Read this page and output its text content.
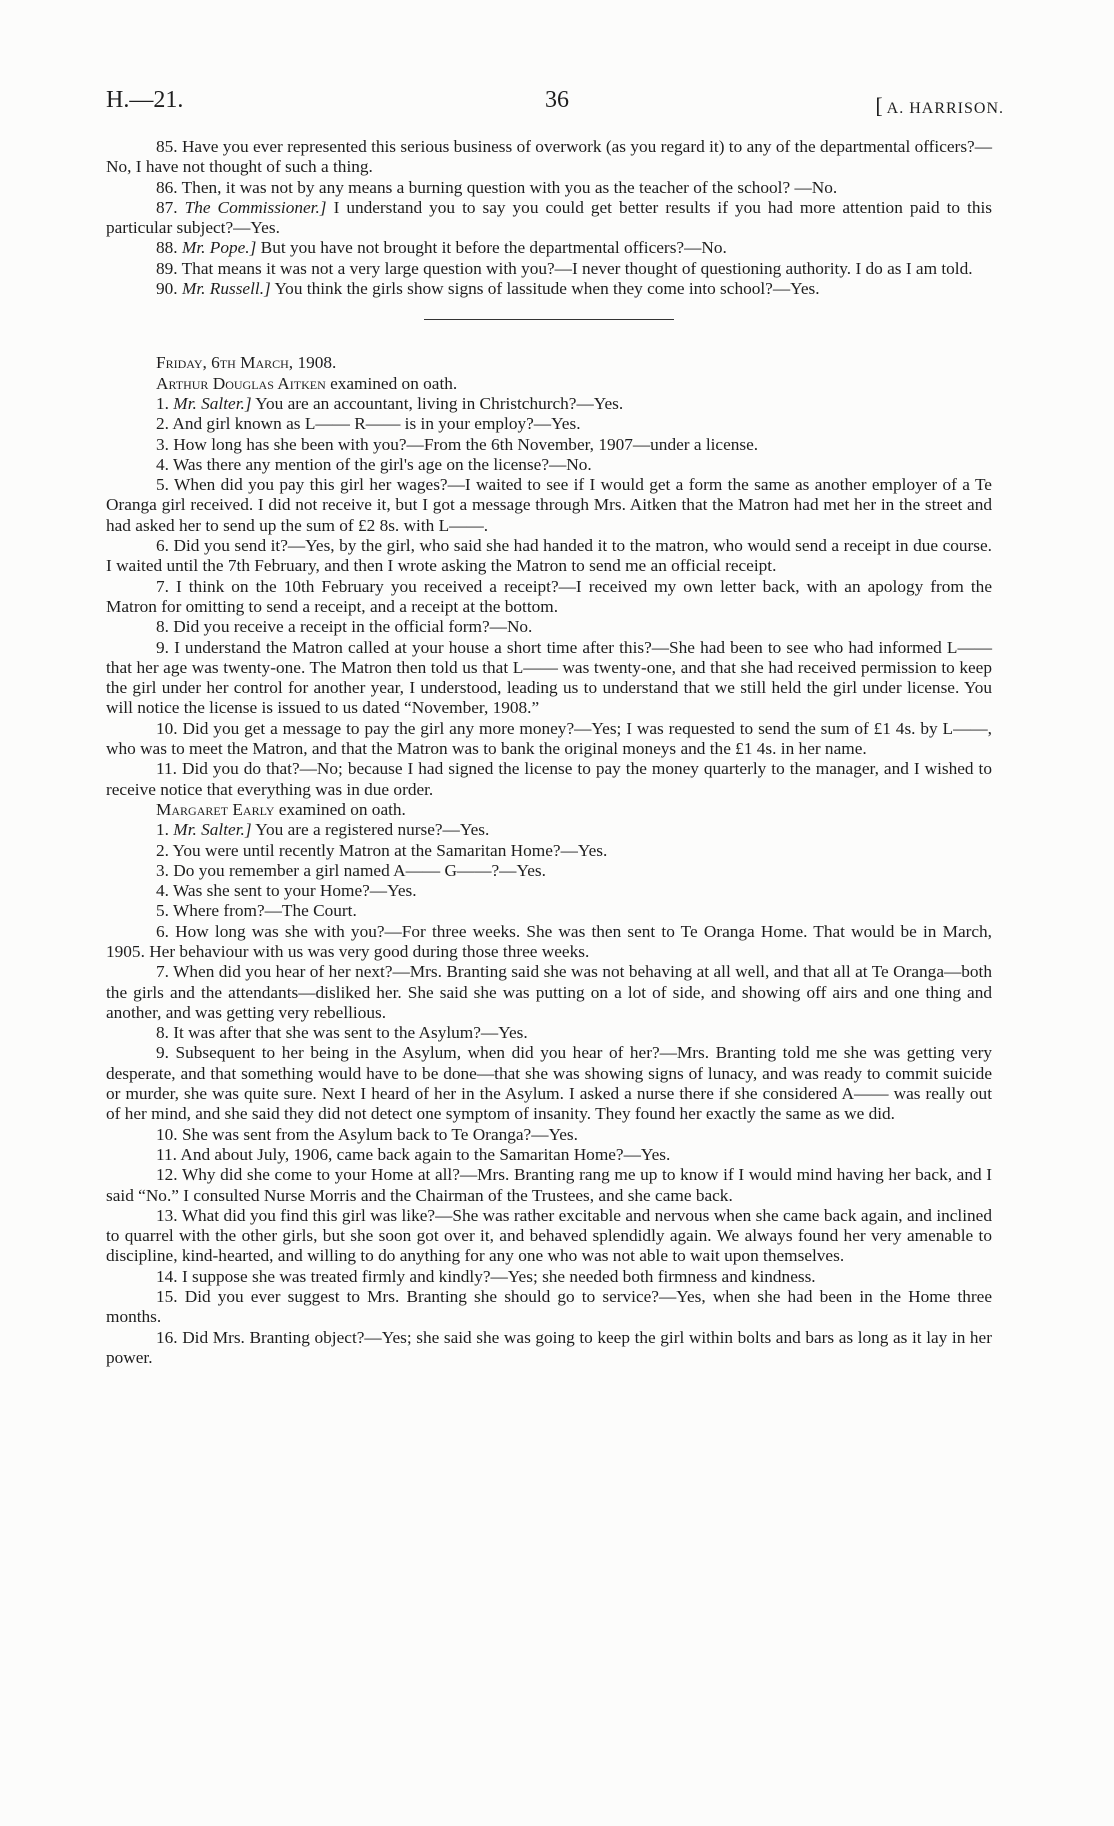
H.—21.	36	[ A. HARRISON.

85. Have you ever represented this serious business of overwork (as you regard it) to any of the departmental officers?—No, I have not thought of such a thing.

86. Then, it was not by any means a burning question with you as the teacher of the school? —No.

87. The Commissioner.] I understand you to say you could get better results if you had more attention paid to this particular subject?—Yes.

88. Mr. Pope.] But you have not brought it before the departmental officers?—No.

89. That means it was not a very large question with you?—I never thought of questioning authority. I do as I am told.

90. Mr. Russell.] You think the girls show signs of lassitude when they come into school?—Yes.

Friday, 6th March, 1908.

Arthur Douglas Aitken examined on oath.

1. Mr. Salter.] You are an accountant, living in Christchurch?—Yes.

2. And girl known as L—— R—— is in your employ?—Yes.

3. How long has she been with you?—From the 6th November, 1907—under a license.

4. Was there any mention of the girl's age on the license?—No.

5. When did you pay this girl her wages?—I waited to see if I would get a form the same as another employer of a Te Oranga girl received. I did not receive it, but I got a message through Mrs. Aitken that the Matron had met her in the street and had asked her to send up the sum of £2 8s. with L——.

6. Did you send it?—Yes, by the girl, who said she had handed it to the matron, who would send a receipt in due course. I waited until the 7th February, and then I wrote asking the Matron to send me an official receipt.

7. I think on the 10th February you received a receipt?—I received my own letter back, with an apology from the Matron for omitting to send a receipt, and a receipt at the bottom.

8. Did you receive a receipt in the official form?—No.

9. I understand the Matron called at your house a short time after this?—She had been to see who had informed L—— that her age was twenty-one. The Matron then told us that L—— was twenty-one, and that she had received permission to keep the girl under her control for another year, I understood, leading us to understand that we still held the girl under license. You will notice the license is issued to us dated “November, 1908.”

10. Did you get a message to pay the girl any more money?—Yes; I was requested to send the sum of £1 4s. by L——, who was to meet the Matron, and that the Matron was to bank the original moneys and the £1 4s. in her name.

11. Did you do that?—No; because I had signed the license to pay the money quarterly to the manager, and I wished to receive notice that everything was in due order.

Margaret Early examined on oath.

1. Mr. Salter.] You are a registered nurse?—Yes.

2. You were until recently Matron at the Samaritan Home?—Yes.

3. Do you remember a girl named A—— G——?—Yes.

4. Was she sent to your Home?—Yes.

5. Where from?—The Court.

6. How long was she with you?—For three weeks. She was then sent to Te Oranga Home. That would be in March, 1905. Her behaviour with us was very good during those three weeks.

7. When did you hear of her next?—Mrs. Branting said she was not behaving at all well, and that all at Te Oranga—both the girls and the attendants—disliked her. She said she was putting on a lot of side, and showing off airs and one thing and another, and was getting very rebellious.

8. It was after that she was sent to the Asylum?—Yes.

9. Subsequent to her being in the Asylum, when did you hear of her?—Mrs. Branting told me she was getting very desperate, and that something would have to be done—that she was showing signs of lunacy, and was ready to commit suicide or murder, she was quite sure. Next I heard of her in the Asylum. I asked a nurse there if she considered A—— was really out of her mind, and she said they did not detect one symptom of insanity. They found her exactly the same as we did.

10. She was sent from the Asylum back to Te Oranga?—Yes.

11. And about July, 1906, came back again to the Samaritan Home?—Yes.

12. Why did she come to your Home at all?—Mrs. Branting rang me up to know if I would mind having her back, and I said “No.” I consulted Nurse Morris and the Chairman of the Trustees, and she came back.

13. What did you find this girl was like?—She was rather excitable and nervous when she came back again, and inclined to quarrel with the other girls, but she soon got over it, and behaved splendidly again. We always found her very amenable to discipline, kind-hearted, and willing to do anything for any one who was not able to wait upon themselves.

14. I suppose she was treated firmly and kindly?—Yes; she needed both firmness and kindness.

15. Did you ever suggest to Mrs. Branting she should go to service?—Yes, when she had been in the Home three months.

16. Did Mrs. Branting object?—Yes; she said she was going to keep the girl within bolts and bars as long as it lay in her power.
